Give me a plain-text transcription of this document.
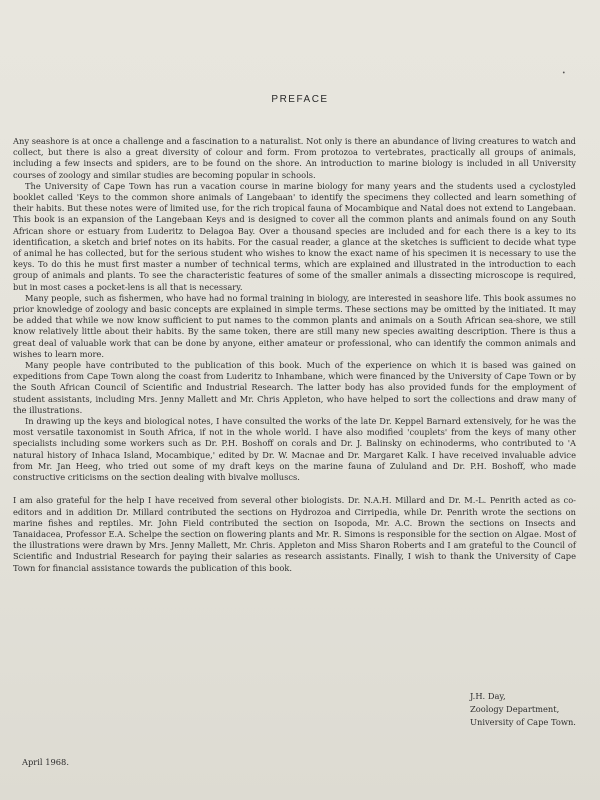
•
PREFACE

Any seashore is at once a challenge and a fascination to a naturalist. Not only is there an abundance of living creatures to watch and collect, but there is also a great diversity of colour and form. From protozoa to vertebrates, practically all groups of animals, including a few insects and spiders, are to be found on the shore. An introduction to marine biology is included in all University courses of zoology and similar studies are becoming popular in schools.

The University of Cape Town has run a vacation course in marine biology for many years and the students used a cyclostyled booklet called 'Keys to the common shore animals of Langebaan' to identify the specimens they collected and learn something of their habits. But these notes were of limited use, for the rich tropical fauna of Mocambique and Natal does not extend to Langebaan. This book is an expansion of the Langebaan Keys and is designed to cover all the common plants and animals found on any South African shore or estuary from Luderitz to Delagoa Bay. Over a thousand species are included and for each there is a key to its identification, a sketch and brief notes on its habits. For the casual reader, a glance at the sketches is sufficient to decide what type of animal he has collected, but for the serious student who wishes to know the exact name of his specimen it is necessary to use the keys. To do this he must first master a number of technical terms, which are explained and illustrated in the introduction to each group of animals and plants. To see the characteristic features of some of the smaller animals a dissecting microscope is required, but in most cases a pocket-lens is all that is necessary.

Many people, such as fishermen, who have had no formal training in biology, are interested in seashore life. This book assumes no prior knowledge of zoology and basic concepts are explained in simple terms. These sections may be omitted by the initiated. It may be added that while we now know sufficient to put names to the common plants and animals on a South African sea-shore, we still know relatively little about their habits. By the same token, there are still many new species awaiting description. There is thus a great deal of valuable work that can be done by anyone, either amateur or professional, who can identify the common animals and wishes to learn more.

Many people have contributed to the publication of this book. Much of the experience on which it is based was gained on expeditions from Cape Town along the coast from Luderitz to Inhambane, which were financed by the University of Cape Town or by the South African Council of Scientific and Industrial Research. The latter body has also provided funds for the employment of student assistants, including Mrs. Jenny Mallett and Mr. Chris Appleton, who have helped to sort the collections and draw many of the illustrations.

In drawing up the keys and biological notes, I have consulted the works of the late Dr. Keppel Barnard extensively, for he was the most versatile taxonomist in South Africa, if not in the whole world. I have also modified 'couplets' from the keys of many other specialists including some workers such as Dr. P.H. Boshoff on corals and Dr. J. Balinsky on echinoderms, who contributed to 'A natural history of Inhaca Island, Mocambique,' edited by Dr. W. Macnae and Dr. Margaret Kalk. I have received invaluable advice from Mr. Jan Heeg, who tried out some of my draft keys on the marine fauna of Zululand and Dr. P.H. Boshoff, who made constructive criticisms on the section dealing with bivalve molluscs.

I am also grateful for the help I have received from several other biologists. Dr. N.A.H. Millard and Dr. M.-L. Penrith acted as co-editors and in addition Dr. Millard contributed the sections on Hydrozoa and Cirripedia, while Dr. Penrith wrote the sections on marine fishes and reptiles. Mr. John Field contributed the section on Isopoda, Mr. A.C. Brown the sections on Insects and Tanaidacea, Professor E.A. Schelpe the section on flowering plants and Mr. R. Simons is responsible for the section on Algae. Most of the illustrations were drawn by Mrs. Jenny Mallett, Mr. Chris. Appleton and Miss Sharon Roberts and I am grateful to the Council of Scientific and Industrial Research for paying their salaries as research assistants. Finally, I wish to thank the University of Cape Town for financial assistance towards the publication of this book.

J.H. Day,
Zoology Department,
University of Cape Town.
April 1968.
